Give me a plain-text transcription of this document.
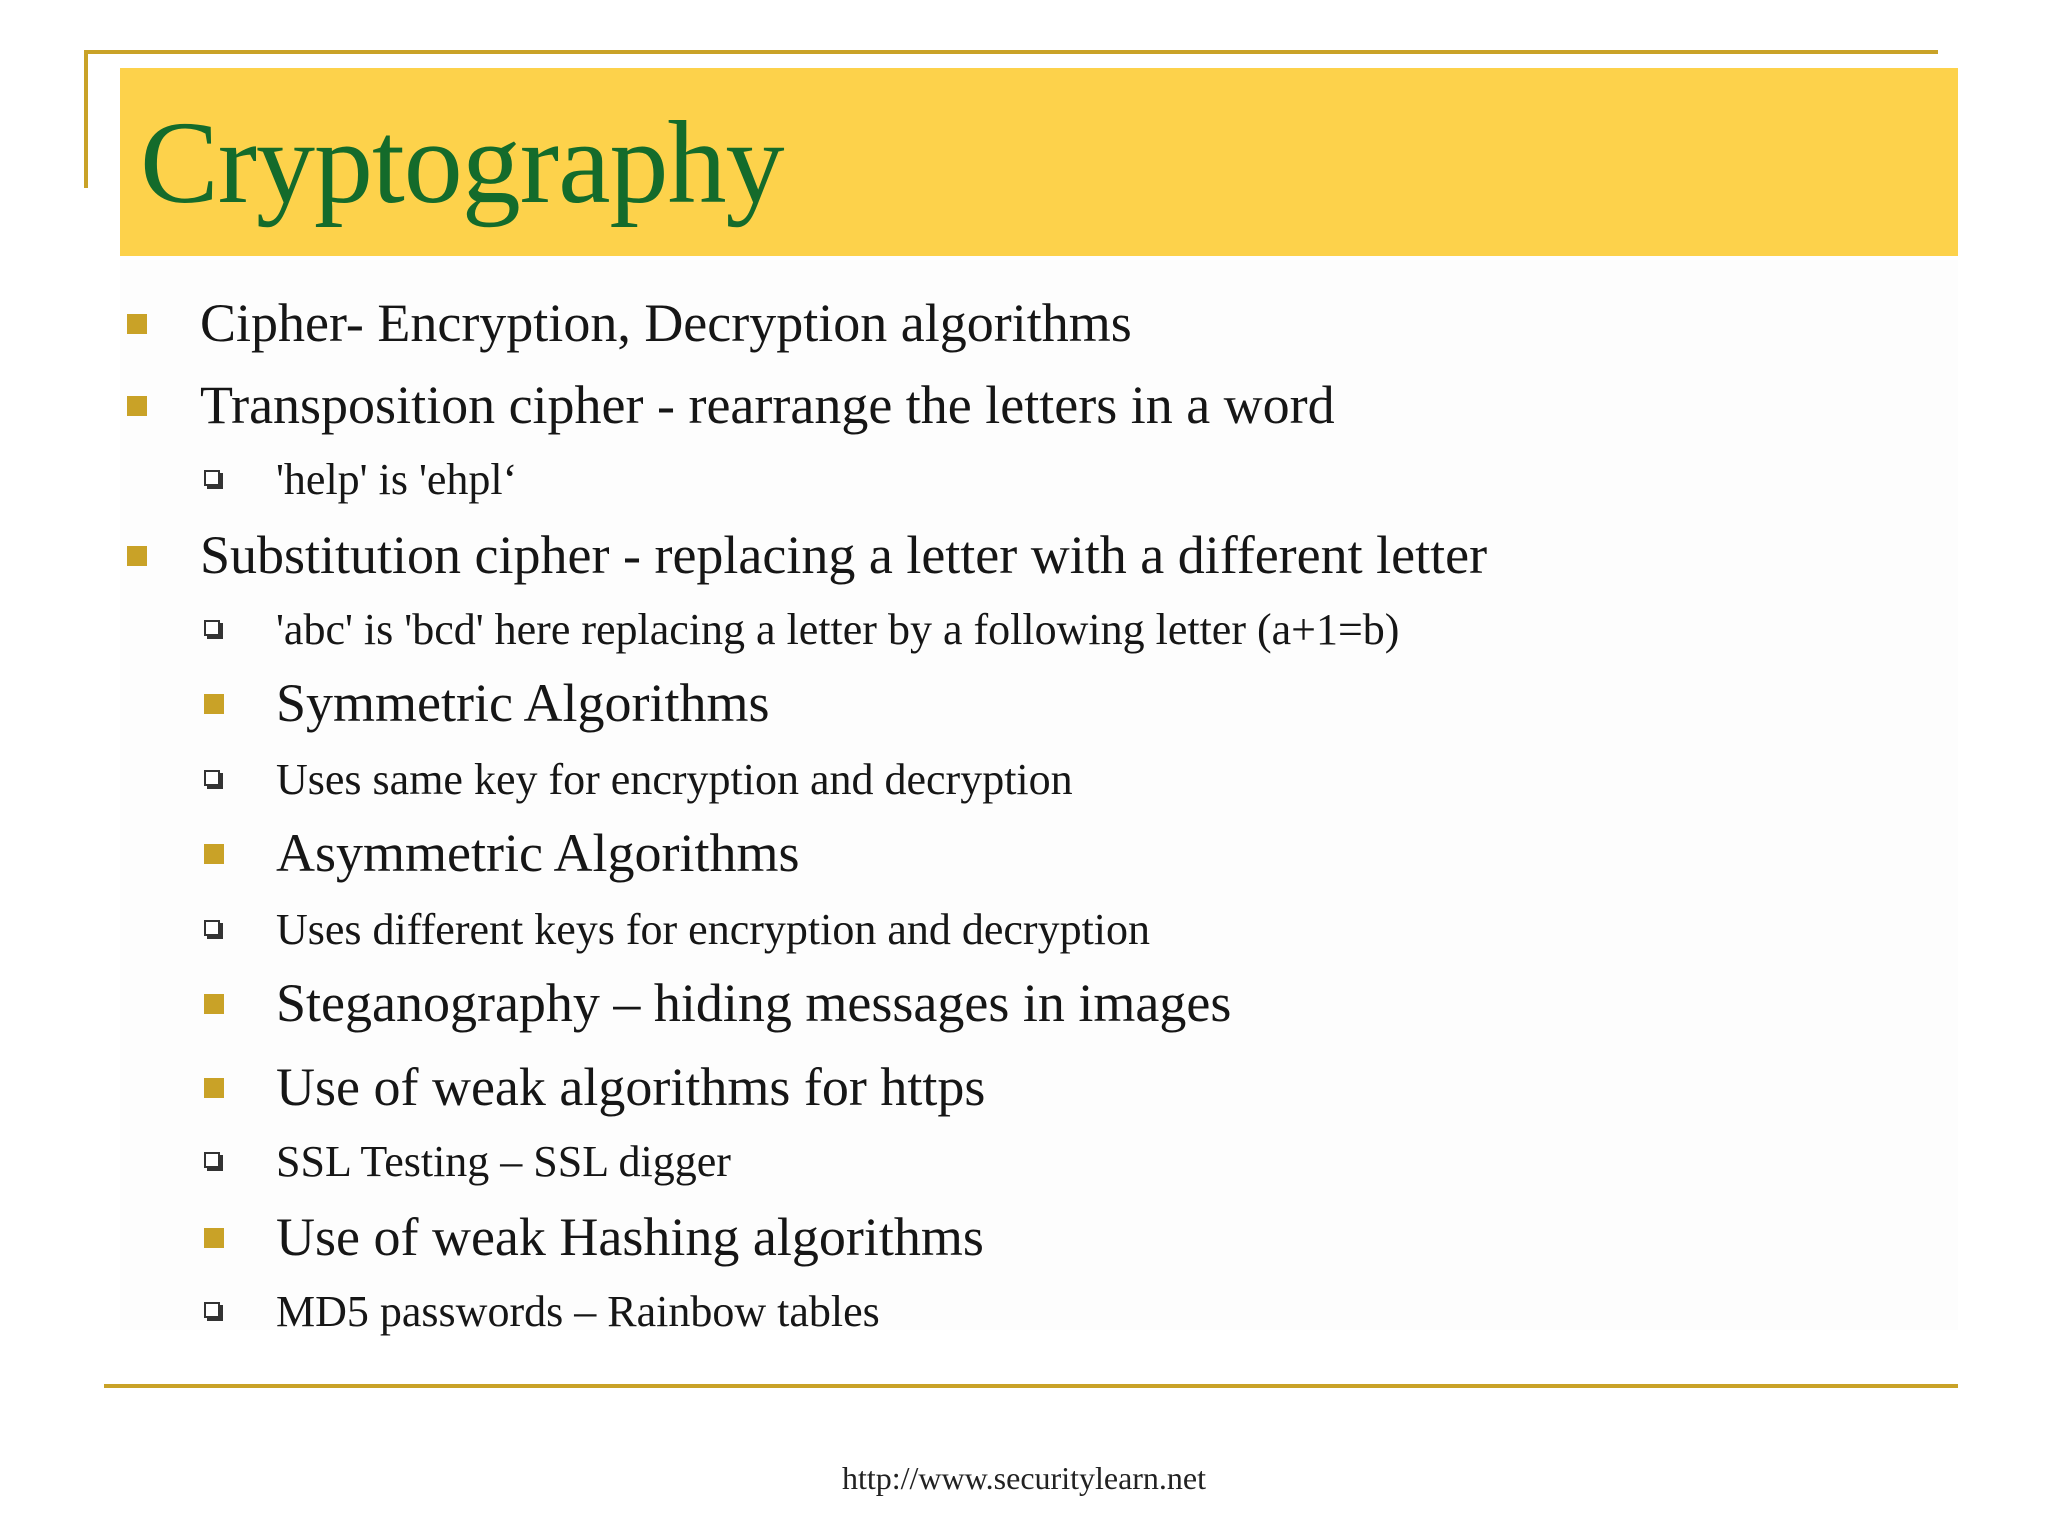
Cryptography
Cipher- Encryption, Decryption algorithms
Transposition cipher - rearrange the letters in a word
'help' is 'ehpl‘
Substitution cipher - replacing a letter with a different letter
'abc' is 'bcd' here replacing a letter by a following letter (a+1=b)
Symmetric Algorithms
Uses same key for encryption and decryption
Asymmetric Algorithms
Uses different keys for encryption and decryption
Steganography – hiding messages in images
Use of weak algorithms for https
SSL Testing – SSL digger
Use of weak Hashing algorithms
MD5 passwords – Rainbow tables
http://www.securitylearn.net
